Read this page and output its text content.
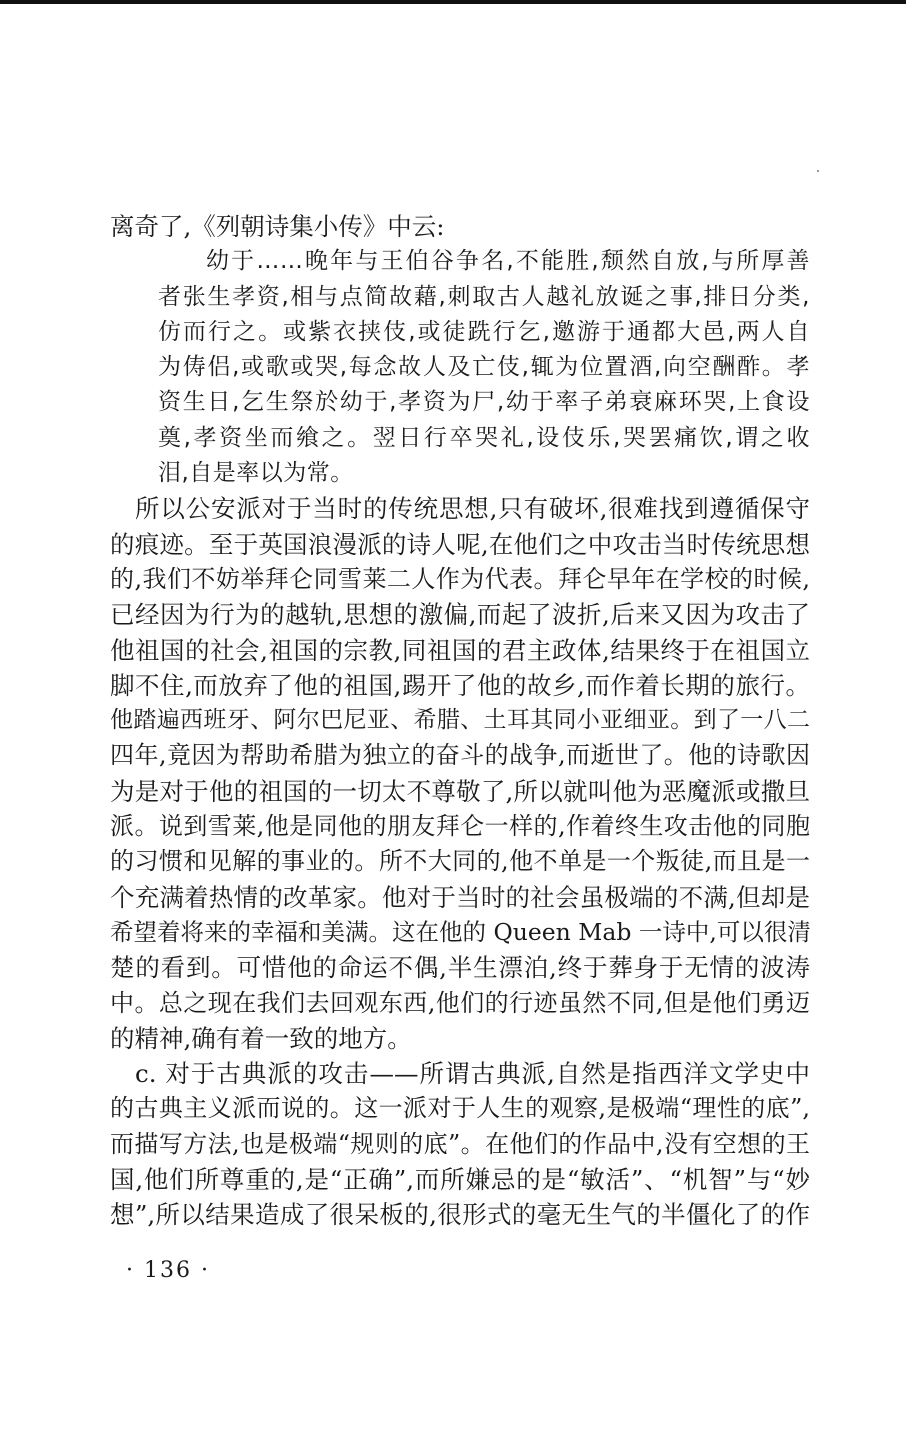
离奇了,《列朝诗集小传》中云:
幼于……晚年与王伯谷争名,不能胜,颓然自放,与所厚善
者张生孝资,相与点简故藉,刺取古人越礼放诞之事,排日分类,
仿而行之。或紫衣挟伎,或徒跣行乞,邀游于通都大邑,两人自
为俦侣,或歌或哭,每念故人及亡伎,辄为位置酒,向空酬酢。孝
资生日,乞生祭於幼于,孝资为尸,幼于率子弟衰麻环哭,上食设
奠,孝资坐而飨之。翌日行卒哭礼,设伎乐,哭罢痛饮,谓之收
泪,自是率以为常。
所以公安派对于当时的传统思想,只有破坏,很难找到遵循保守
的痕迹。至于英国浪漫派的诗人呢,在他们之中攻击当时传统思想
的,我们不妨举拜仑同雪莱二人作为代表。拜仑早年在学校的时候,
已经因为行为的越轨,思想的激偏,而起了波折,后来又因为攻击了
他祖国的社会,祖国的宗教,同祖国的君主政体,结果终于在祖国立
脚不住,而放弃了他的祖国,踢开了他的故乡,而作着长期的旅行。
他踏遍西班牙、阿尔巴尼亚、希腊、土耳其同小亚细亚。到了一八二
四年,竟因为帮助希腊为独立的奋斗的战争,而逝世了。他的诗歌因
为是对于他的祖国的一切太不尊敬了,所以就叫他为恶魔派或撒旦
派。说到雪莱,他是同他的朋友拜仑一样的,作着终生攻击他的同胞
的习惯和见解的事业的。所不大同的,他不单是一个叛徒,而且是一
个充满着热情的改革家。他对于当时的社会虽极端的不满,但却是
希望着将来的幸福和美满。这在他的 Queen Mab 一诗中,可以很清
楚的看到。可惜他的命运不偶,半生漂泊,终于葬身于无情的波涛
中。总之现在我们去回观东西,他们的行迹虽然不同,但是他们勇迈
的精神,确有着一致的地方。
c. 对于古典派的攻击——所谓古典派,自然是指西洋文学史中
的古典主义派而说的。这一派对于人生的观察,是极端“理性的底”,
而描写方法,也是极端“规则的底”。在他们的作品中,没有空想的王
国,他们所尊重的,是“正确”,而所嫌忌的是“敏活”、“机智”与“妙
想”,所以结果造成了很呆板的,很形式的毫无生气的半僵化了的作
· 136 ·
